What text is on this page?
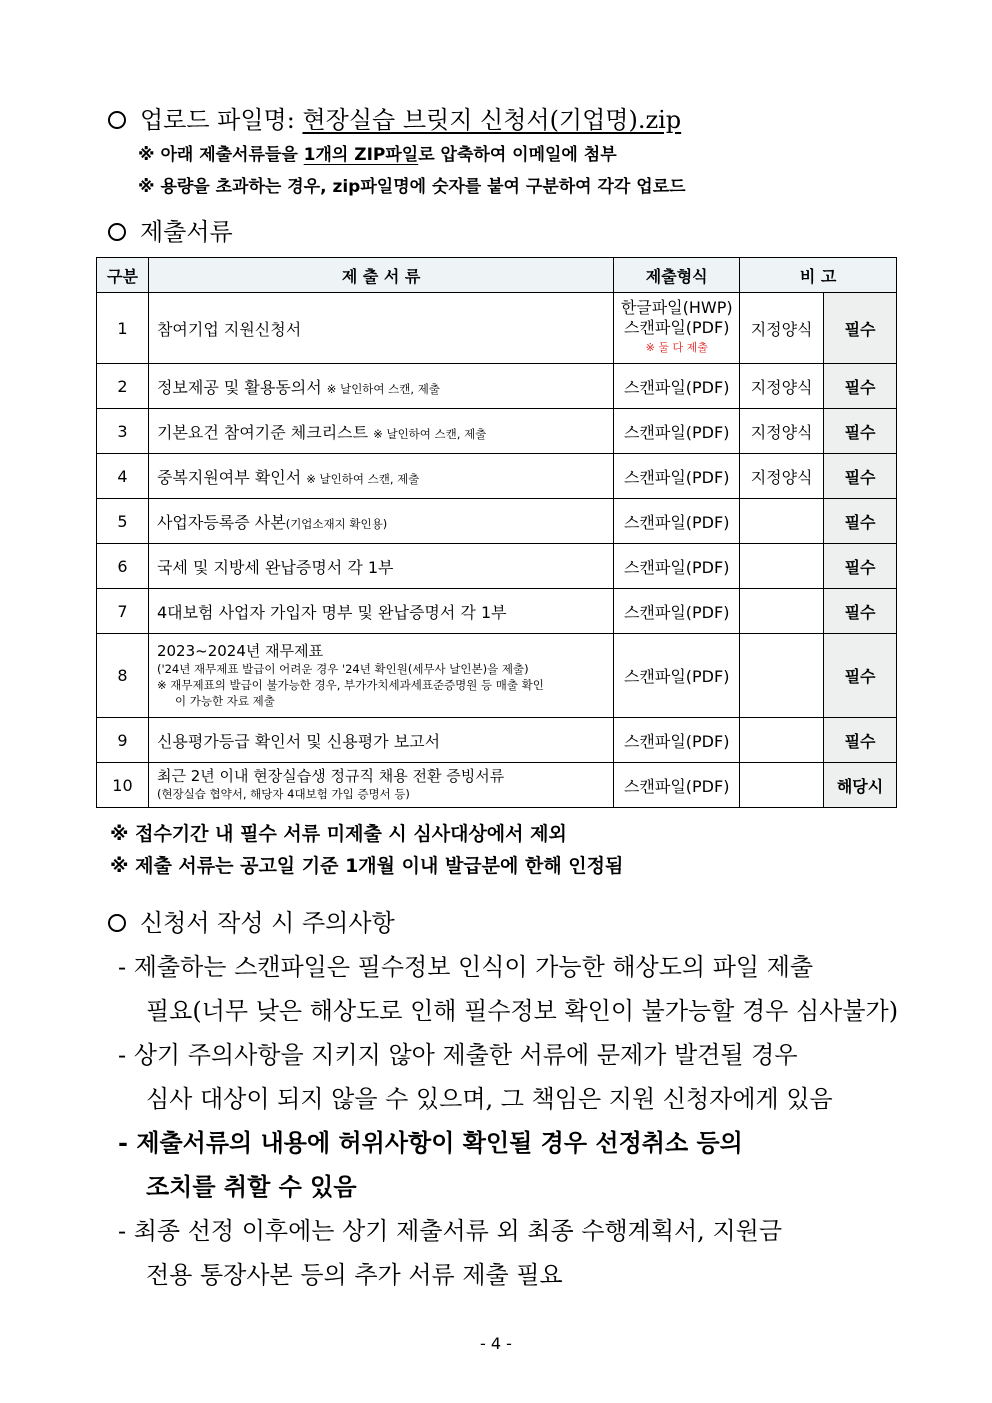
업로드 파일명: 현장실습 브릿지 신청서(기업명).zip
※ 아래 제출서류들을 1개의 ZIP파일로 압축하여 이메일에 첨부
※ 용량을 초과하는 경우, zip파일명에 숫자를 붙여 구분하여 각각 업로드
제출서류
구분	제 출 서 류	제출형식	비 고	
1	참여기업 지원신청서	한글파일(HWP)
스캔파일(PDF)
※ 둘 다 제출	지정양식	필수
2	정보제공 및 활용동의서 ※ 날인하여 스캔, 제출	스캔파일(PDF)	지정양식	필수
3	기본요건 참여기준 체크리스트 ※ 날인하여 스캔, 제출	스캔파일(PDF)	지정양식	필수
4	중복지원여부 확인서 ※ 날인하여 스캔, 제출	스캔파일(PDF)	지정양식	필수
5	사업자등록증 사본(기업소재지 확인용)	스캔파일(PDF)		필수
6	국세 및 지방세 완납증명서 각 1부	스캔파일(PDF)		필수
7	4대보험 사업자 가입자 명부 및 완납증명서 각 1부	스캔파일(PDF)		필수
8	2023~2024년 재무제표
('24년 재무제표 발급이 어려운 경우 '24년 확인원(세무사 날인본)을 제출)
※ 재무제표의 발급이 불가능한 경우, 부가가치세과세표준증명원 등 매출 확인
이 가능한 자료 제출	스캔파일(PDF)		필수
9	신용평가등급 확인서 및 신용평가 보고서	스캔파일(PDF)		필수
10	최근 2년 이내 현장실습생 정규직 채용 전환 증빙서류
(현장실습 협약서, 해당자 4대보험 가입 증명서 등)	스캔파일(PDF)		해당시
※ 접수기간 내 필수 서류 미제출 시 심사대상에서 제외
※ 제출 서류는 공고일 기준 1개월 이내 발급분에 한해 인정됨
신청서 작성 시 주의사항
- 제출하는 스캔파일은 필수정보 인식이 가능한 해상도의 파일 제출
필요(너무 낮은 해상도로 인해 필수정보 확인이 불가능할 경우 심사불가)
- 상기 주의사항을 지키지 않아 제출한 서류에 문제가 발견될 경우
심사 대상이 되지 않을 수 있으며, 그 책임은 지원 신청자에게 있음
- 제출서류의 내용에 허위사항이 확인될 경우 선정취소 등의
조치를 취할 수 있음
- 최종 선정 이후에는 상기 제출서류 외 최종 수행계획서, 지원금
전용 통장사본 등의 추가 서류 제출 필요
- 4 -
